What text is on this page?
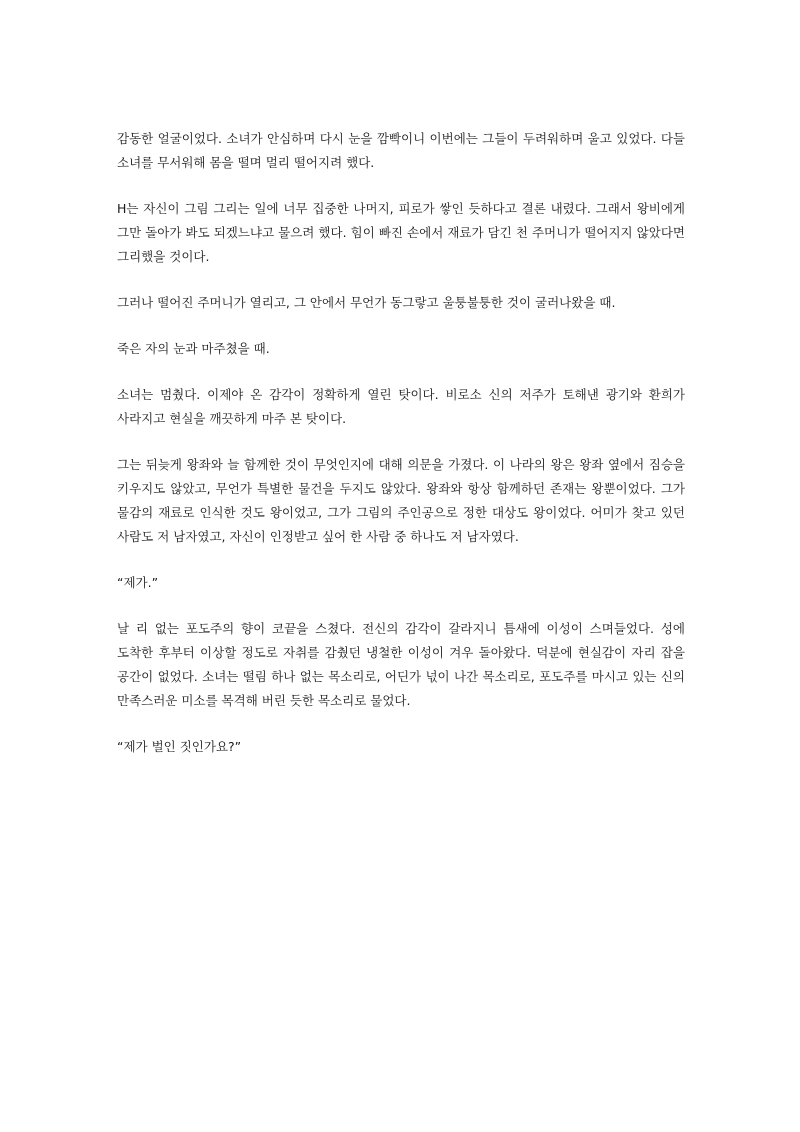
감동한 얼굴이었다. 소녀가 안심하며 다시 눈을 깜빡이니 이번에는 그들이 두려워하며 울고 있었다. 다들 소녀를 무서워해 몸을 떨며 멀리 떨어지려 했다.

H는 자신이 그림 그리는 일에 너무 집중한 나머지, 피로가 쌓인 듯하다고 결론 내렸다. 그래서 왕비에게 그만 돌아가 봐도 되겠느냐고 물으려 했다. 힘이 빠진 손에서 재료가 담긴 천 주머니가 떨어지지 않았다면 그리했을 것이다.

그러나 떨어진 주머니가 열리고, 그 안에서 무언가 동그랗고 울퉁불퉁한 것이 굴러나왔을 때.

죽은 자의 눈과 마주쳤을 때.

소녀는 멈췄다. 이제야 온 감각이 정확하게 열린 탓이다. 비로소 신의 저주가 토해낸 광기와 환희가 사라지고 현실을 깨끗하게 마주 본 탓이다.

그는 뒤늦게 왕좌와 늘 함께한 것이 무엇인지에 대해 의문을 가졌다. 이 나라의 왕은 왕좌 옆에서 짐승을 키우지도 않았고, 무언가 특별한 물건을 두지도 않았다. 왕좌와 항상 함께하던 존재는 왕뿐이었다. 그가 물감의 재료로 인식한 것도 왕이었고, 그가 그림의 주인공으로 정한 대상도 왕이었다. 어미가 찾고 있던 사람도 저 남자였고, 자신이 인정받고 싶어 한 사람 중 하나도 저 남자였다.

“제가.”

날 리 없는 포도주의 향이 코끝을 스쳤다. 전신의 감각이 갈라지니 틈새에 이성이 스며들었다. 성에 도착한 후부터 이상할 정도로 자취를 감췄던 냉철한 이성이 겨우 돌아왔다. 덕분에 현실감이 자리 잡을 공간이 없었다. 소녀는 떨림 하나 없는 목소리로, 어딘가 넋이 나간 목소리로, 포도주를 마시고 있는 신의 만족스러운 미소를 목격해 버린 듯한 목소리로 물었다.

“제가 벌인 짓인가요?”
